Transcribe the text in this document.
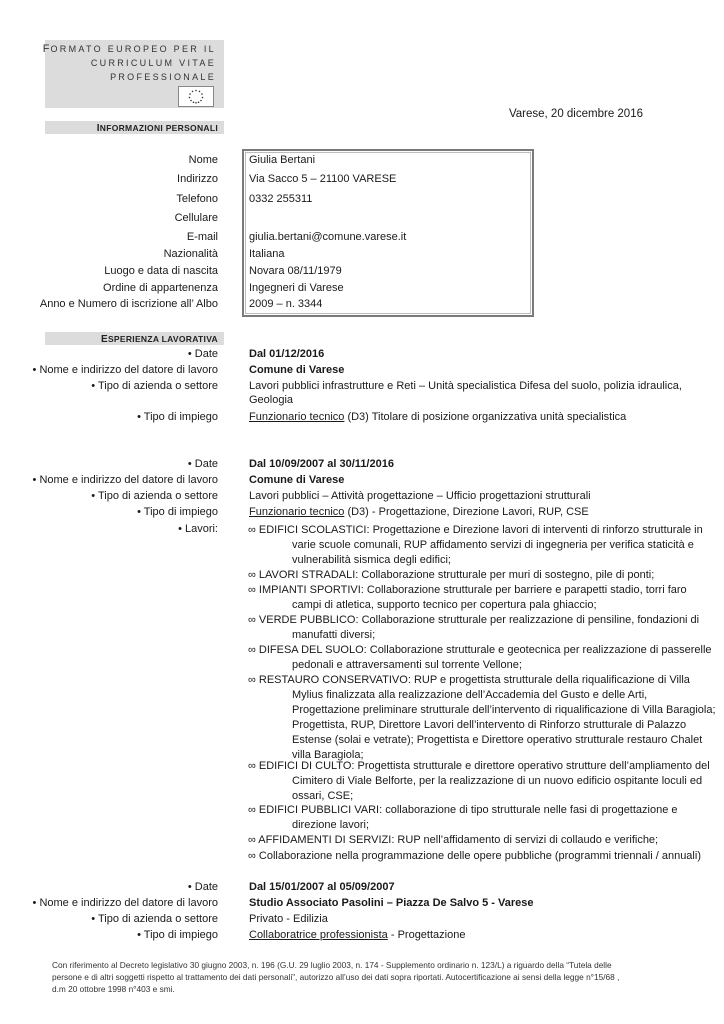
FORMATO EUROPEO PER IL
CURRICULUM VITAE
PROFESSIONALE
Varese, 20 dicembre 2016
INFORMAZIONI PERSONALI
Nome	Giulia Bertani
Indirizzo	Via Sacco 5 – 21100 VARESE
Telefono	0332 255311
Cellulare
E-mail	giulia.bertani@comune.varese.it
Nazionalità	Italiana
Luogo e data di nascita	Novara 08/11/1979
Ordine di appartenenza	Ingegneri di Varese
Anno e Numero di iscrizione all’ Albo	2009 – n. 3344
ESPERIENZA LAVORATIVA
• Date	Dal 01/12/2016
• Nome e indirizzo del datore di lavoro	Comune di Varese
• Tipo di azienda o settore	Lavori pubblici infrastrutture e Reti – Unità specialistica Difesa del suolo, polizia idraulica,
Geologia
• Tipo di impiego	Funzionario tecnico (D3) Titolare di posizione organizzativa unità specialistica
• Date	Dal 10/09/2007 al 30/11/2016
• Nome e indirizzo del datore di lavoro	Comune di Varese
• Tipo di azienda o settore	Lavori pubblici – Attività progettazione – Ufficio progettazioni strutturali
• Tipo di impiego	Funzionario tecnico (D3) - Progettazione, Direzione Lavori, RUP, CSE
• Lavori:	∞ EDIFICI SCOLASTICI: Progettazione e Direzione lavori di interventi di rinforzo strutturale in varie scuole comunali, RUP affidamento servizi di ingegneria per verifica staticità e vulnerabilità sismica degli edifici;
∞ LAVORI STRADALI: Collaborazione strutturale per muri di sostegno, pile di ponti;
∞ IMPIANTI SPORTIVI: Collaborazione strutturale per barriere e parapetti stadio, torri faro campi di atletica, supporto tecnico per copertura pala ghiaccio;
∞ VERDE PUBBLICO: Collaborazione strutturale per realizzazione di pensiline, fondazioni di manufatti diversi;
∞ DIFESA DEL SUOLO: Collaborazione strutturale e geotecnica per realizzazione di passerelle pedonali e attraversamenti sul torrente Vellone;
∞ RESTAURO CONSERVATIVO: RUP e progettista strutturale della riqualificazione di Villa Mylius finalizzata alla realizzazione dell’Accademia del Gusto e delle Arti, Progettazione preliminare strutturale dell’intervento di riqualificazione di Villa Baragiola; Progettista, RUP, Direttore Lavori dell’intervento di Rinforzo strutturale di Palazzo Estense (solai e vetrate); Progettista e Direttore operativo strutturale restauro Chalet villa Baragiola;
∞ EDIFICI DI CULTO: Progettista strutturale e direttore operativo strutture dell’ampliamento del Cimitero di Viale Belforte, per la realizzazione di un nuovo edificio ospitante loculi ed ossari, CSE;
∞ EDIFICI PUBBLICI VARI: collaborazione di tipo strutturale nelle fasi di progettazione e direzione lavori;
∞ AFFIDAMENTI DI SERVIZI: RUP nell’affidamento di servizi di collaudo e verifiche;
∞ Collaborazione nella programmazione delle opere pubbliche (programmi triennali / annuali)
• Date	Dal 15/01/2007 al 05/09/2007
• Nome e indirizzo del datore di lavoro	Studio Associato Pasolini – Piazza De Salvo 5 - Varese
• Tipo di azienda o settore	Privato - Edilizia
• Tipo di impiego	Collaboratrice professionista - Progettazione
Con riferimento al Decreto legislativo 30 giugno 2003, n. 196 (G.U. 29 luglio 2003, n. 174 - Supplemento ordinario n. 123/L) a riguardo della “Tutela delle persone e di altri soggetti rispetto al trattamento dei dati personali”, autorizzo all’uso dei dati sopra riportati. Autocertificazione ai sensi della legge n°15/68 , d.m 20 ottobre 1998 n°403 e smi.
